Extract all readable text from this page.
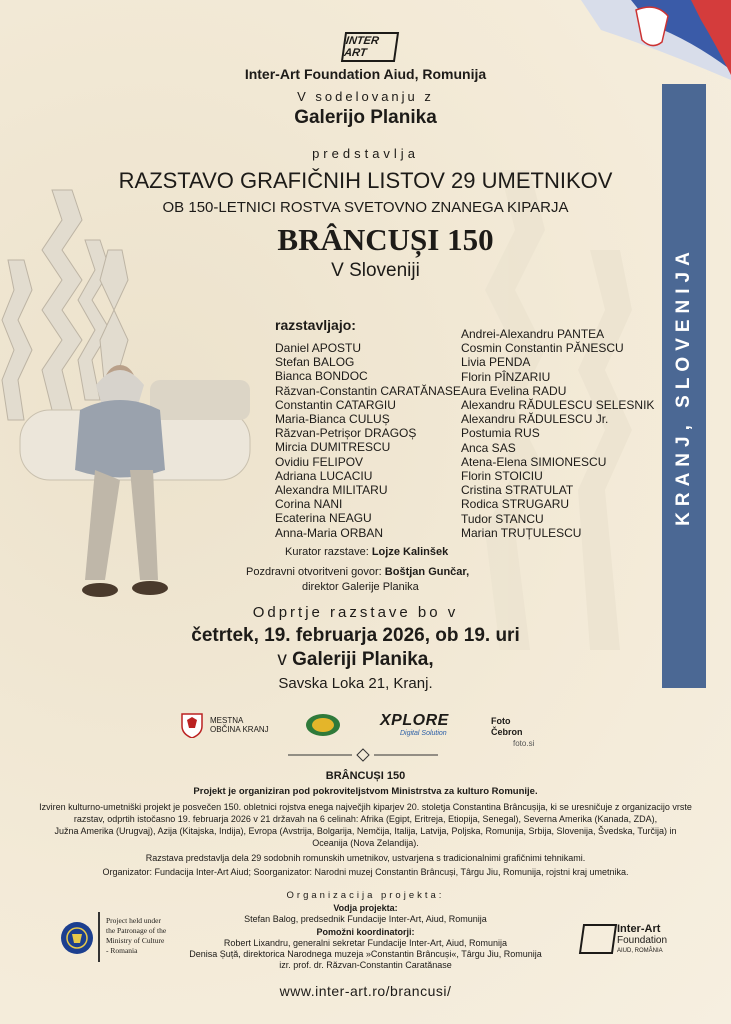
KRANJ, SLOVENIJA
INTER ART
Inter-Art Foundation Aiud, Romunija
V sodelovanju z
Galerijo Planika
predstavlja
RAZSTAVO GRAFIČNIH LISTOV 29 UMETNIKOV
OB 150-LETNICI ROSTVA SVETOVNO ZNANEGA KIPARJA
BRÂNCUȘI 150
V Sloveniji
razstavljajo:
Daniel APOSTU
Stefan BALOG
Bianca BONDOC
Răzvan-Constantin CARATĂNASE
Constantin CATARGIU
Maria-Bianca CULUȘ
Răzvan-Petrișor DRAGOȘ
Mircia DUMITRESCU
Ovidiu FELIPOV
Adriana LUCACIU
Alexandra MILITARU
Corina NANI
Ecaterina NEAGU
Anna-Maria ORBAN
Andrei-Alexandru PANTEA
Cosmin Constantin PĂNESCU
Livia PENDA
Florin PÎNZARIU
Aura Evelina RADU
Alexandru RĂDULESCU SELESNIK
Alexandru RĂDULESCU Jr.
Postumia RUS
Anca SAS
Atena-Elena SIMIONESCU
Florin STOICIU
Cristina STRATULAT
Rodica STRUGARU
Tudor STANCU
Marian TRUȚULESCU
Kurator razstave: Lojze Kalinšek
Pozdravni otvoritveni govor: Boštjan Gunčar,
direktor Galerije Planika
Odprtje razstave bo v
četrtek, 19. februarja 2026, ob 19. uri
v Galeriji Planika,
Savska Loka 21, Kranj.
MESTNA OBČINA KRANJ
XPLORE
Digital Solution
Foto Čebron
foto.si
BRÂNCUȘI 150
Projekt je organiziran pod pokroviteljstvom Ministrstva za kulturo Romunije.
Izviren kulturno-umetniški projekt je posvečen 150. obletnici rojstva enega največjih kiparjev 20. stoletja Constantina Brâncușija, ki se uresničuje z organizacijo vrste
razstav, odprtih istočasno 19. februarja 2026 v 21 državah na 6 celinah: Afrika (Egipt, Eritreja, Etiopija, Senegal), Severna Amerika (Kanada, ZDA),
Južna Amerika (Urugvaj), Azija (Kitajska, Indija), Evropa (Avstrija, Bolgarija, Nemčija, Italija, Latvija, Poljska, Romunija, Srbija, Slovenija, Švedska, Turčija) in
Oceanija (Nova Zelandija).
Razstava predstavlja dela 29 sodobnih romunskih umetnikov, ustvarjena s tradicionalnimi grafičnimi tehnikami.
Organizator: Fundacija Inter-Art Aiud; Soorganizator: Narodni muzej Constantin Brâncuși, Târgu Jiu, Romunija, rojstni kraj umetnika.
Organizacija projekta:
Vodja projekta:
Stefan Balog, predsednik Fundacije Inter-Art, Aiud, Romunija
Pomožni koordinatorji:
Robert Lixandru, generalni sekretar Fundacije Inter-Art, Aiud, Romunija
Denisa Șuță, direktorica Narodnega muzeja »Constantin Brâncuși«, Târgu Jiu, Romunija
izr. prof. dr. Răzvan-Constantin Caratănase
Project held under
the Patronage of the
Ministry of Culture
- Romania
Inter-Art
Foundation
AIUD, ROMÂNIA
www.inter-art.ro/brancusi/
